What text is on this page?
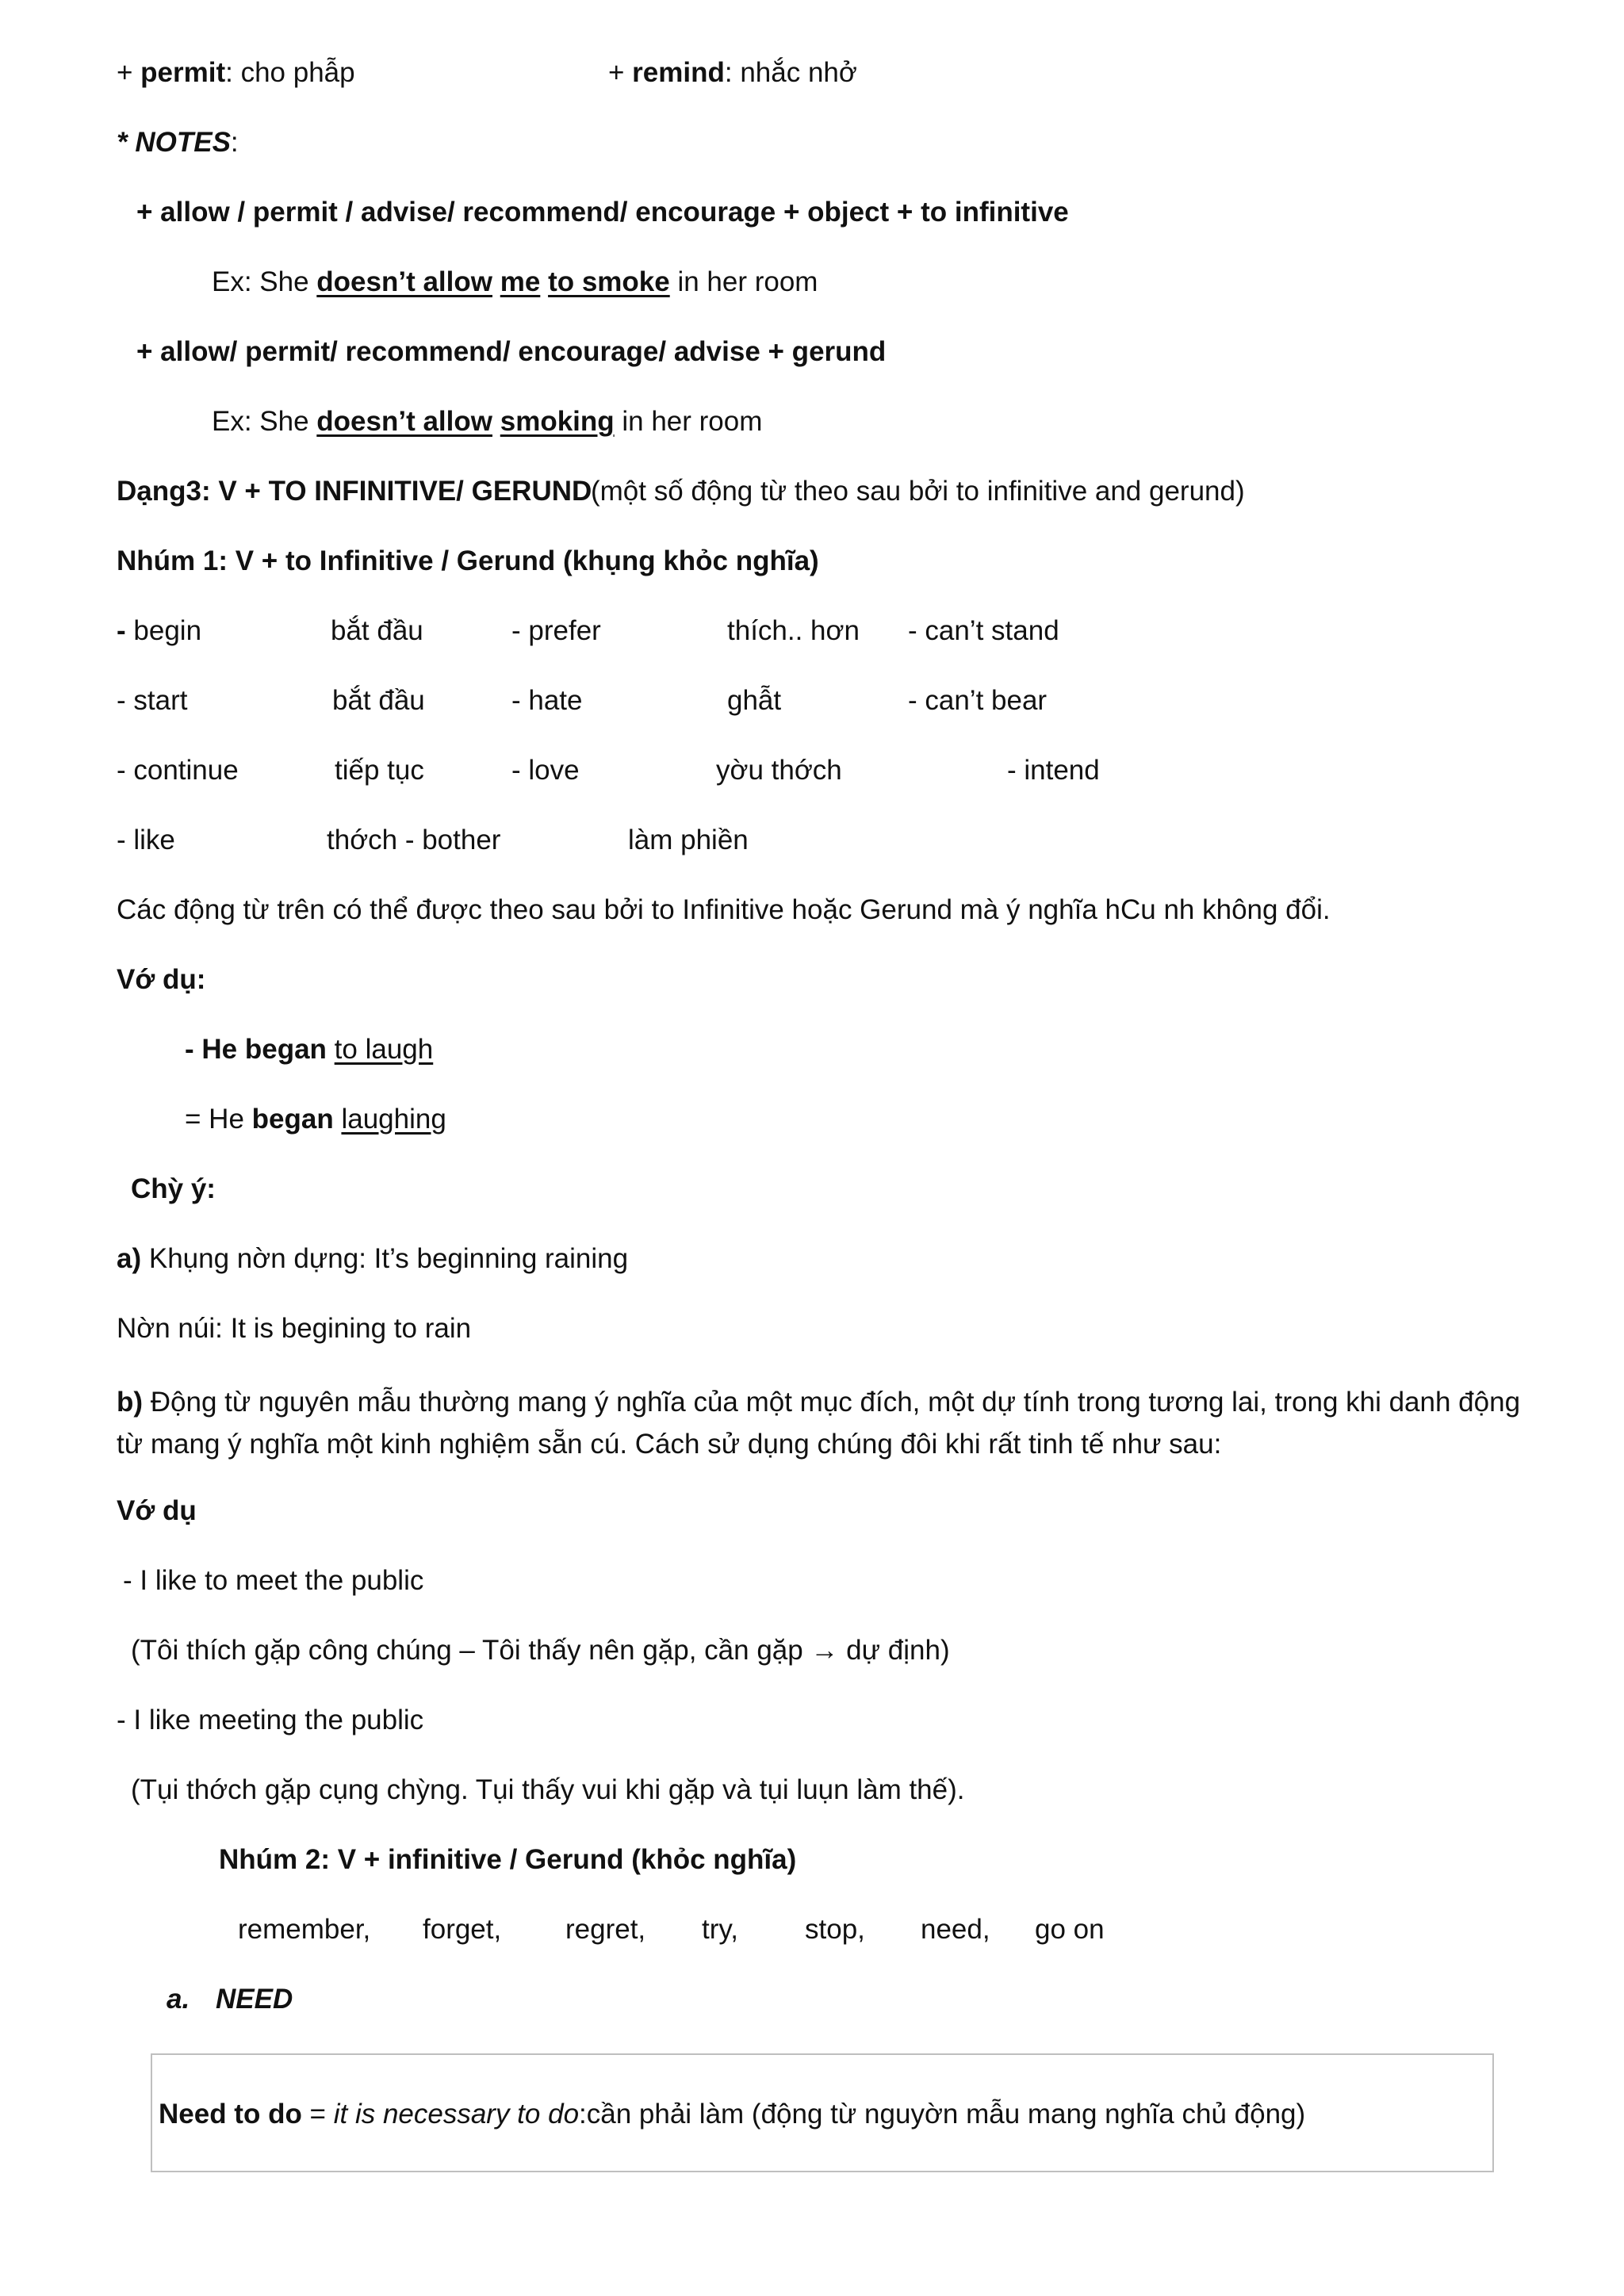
+ permit: cho phẫp	+ remind: nhắc nhở
* NOTES:
+ allow / permit / advise/ recommend/ encourage + object + to infinitive
Ex: She doesn’t allow me to smoke in her room
+ allow/ permit/ recommend/ encourage/ advise + gerund
Ex: She doesn’t allow smoking in her room
Dạng3: V + TO INFINITIVE/ GERUND
(một số động từ theo sau bởi to infinitive and gerund)
Nhúm 1: V + to Infinitive / Gerund (khụng khỏc nghĩa)
- begin	bắt đầu	- prefer	thích.. hơn - can’t stand
- start	bắt đầu	- hate	ghẫt	- can’t bear
- continue	tiếp tục	- love	yờu thớch	- intend
- like	thớch - bother	làm phiền
Các động từ trên có thể được theo sau bởi to Infinitive hoặc Gerund mà ý nghĩa hCu nh không đổi.
Vớ dụ:
- He began to laugh
= He began laughing
Chỳ ý:
a) Khụng nờn dựng: It’s beginning raining
Nờn núi: It is begining to rain
b) Động từ nguyên mẫu thường mang ý nghĩa của một mục đích, một dự tính trong tương lai, trong khi danh động từ mang ý nghĩa một kinh nghiệm sẵn cú. Cách sử dụng chúng đôi khi rất tinh tế như sau:
Vớ dụ
- I like to meet the public
(Tôi thích gặp công chúng – Tôi thấy nên gặp, cần gặp → dự định)
- I like meeting the public
(Tụi thớch gặp cụng chỳng. Tụi thấy vui khi gặp và tụi luụn làm thế).
Nhúm 2: V + infinitive / Gerund (khỏc nghĩa)
remember, forget, regret, try, stop, need, go on
a. NEED
Need to do = it is necessary to do:cần phải làm (động từ nguyờn mẫu mang nghĩa chủ động)
